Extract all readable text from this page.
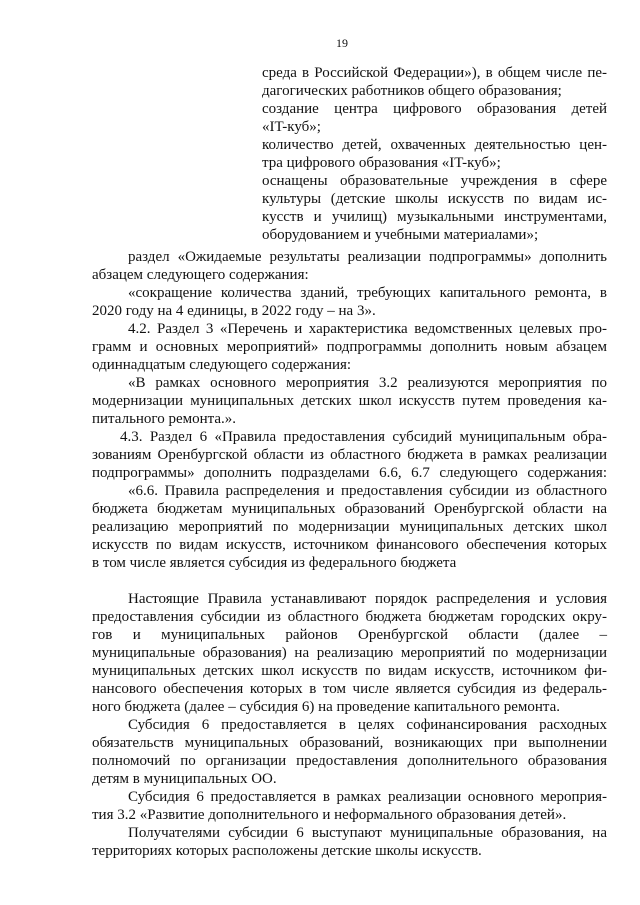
19

среда в Российской Федерации»), в общем числе пе-

дагогических работников общего образования;

создание центра цифрового образования детей

«IT-куб»;

количество детей, охваченных деятельностью цен-

тра цифрового образования «IT-куб»;

оснащены образовательные учреждения в сфере

культуры (детские школы искусств по видам ис-

кусств и училищ) музыкальными инструментами,

оборудованием и учебными материалами»;

раздел «Ожидаемые результаты реализации подпрограммы» дополнить

абзацем следующего содержания:

«сокращение количества зданий, требующих капитального ремонта, в

2020 году на 4 единицы, в 2022 году – на 3».

4.2. Раздел 3 «Перечень и характеристика ведомственных целевых про-

грамм и основных мероприятий» подпрограммы дополнить новым абзацем

одиннадцатым следующего содержания:

«В рамках основного мероприятия 3.2 реализуются мероприятия по

модернизации муниципальных детских школ искусств путем проведения ка-

питального ремонта.».

4.3. Раздел 6 «Правила предоставления субсидий муниципальным обра-

зованиям Оренбургской области из областного бюджета в рамках реализации

подпрограммы» дополнить подразделами 6.6, 6.7 следующего содержания:

«6.6. Правила распределения и предоставления субсидии из областного

бюджета бюджетам муниципальных образований Оренбургской области на

реализацию мероприятий по модернизации муниципальных детских школ

искусств по видам искусств, источником финансового обеспечения которых

в том числе является субсидия из федерального бюджета

Настоящие Правила устанавливают порядок распределения и условия

предоставления субсидии из областного бюджета бюджетам городских окру-

гов и муниципальных районов Оренбургской области (далее –

муниципальные образования) на реализацию мероприятий по модернизации

муниципальных детских школ искусств по видам искусств, источником фи-

нансового обеспечения которых в том числе является субсидия из федераль-

ного бюджета (далее – субсидия 6) на проведение капитального ремонта.

Субсидия 6 предоставляется в целях софинансирования расходных

обязательств муниципальных образований, возникающих при выполнении

полномочий по организации предоставления дополнительного образования

детям в муниципальных ОО.

Субсидия 6 предоставляется в рамках реализации основного мероприя-

тия 3.2 «Развитие дополнительного и неформального образования детей».

Получателями субсидии 6 выступают муниципальные образования, на

территориях которых расположены детские школы искусств.
